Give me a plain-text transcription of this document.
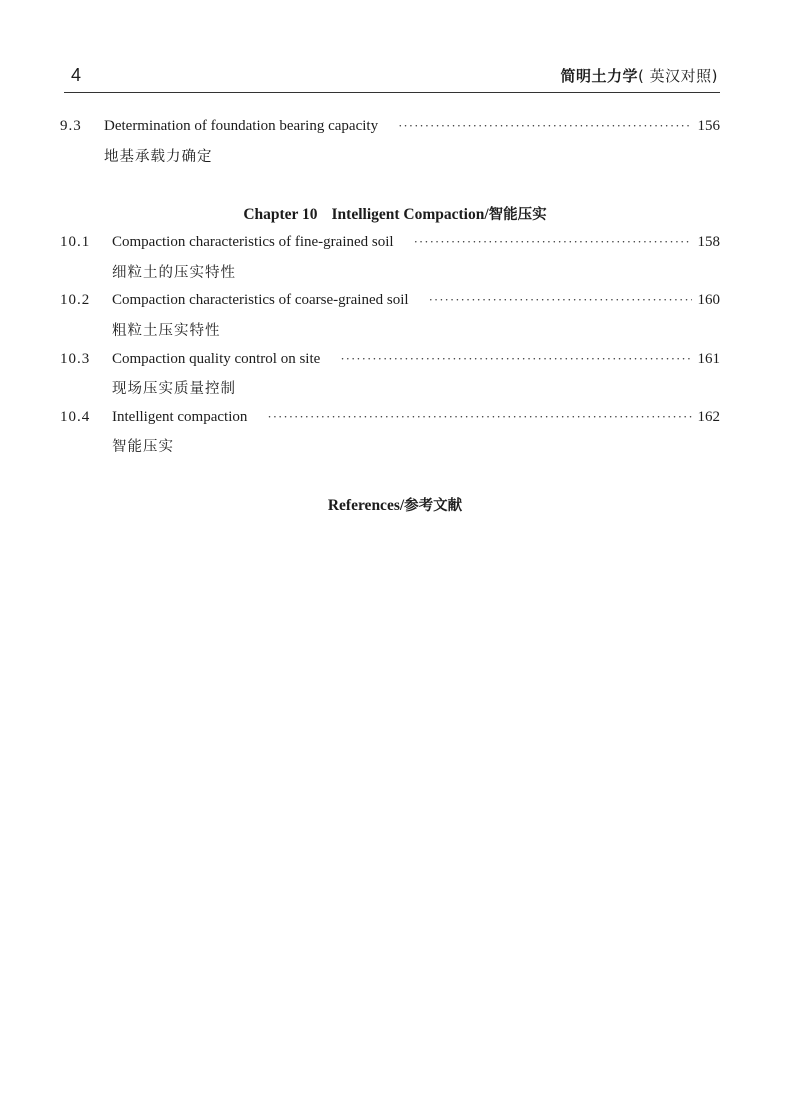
4	简明土力学( 英汉对照)
9.3	Determination of foundation bearing capacity ·····	156
地基承载力确定
Chapter 10 Intelligent Compaction/智能压实
10.1	Compaction characteristics of fine-grained soil ·····	158
细粒土的压实特性
10.2	Compaction characteristics of coarse-grained soil ·····	160
粗粒土压实特性
10.3	Compaction quality control on site ·····	161
现场压实质量控制
10.4	Intelligent compaction ·····	162
智能压实
References/参考文献
